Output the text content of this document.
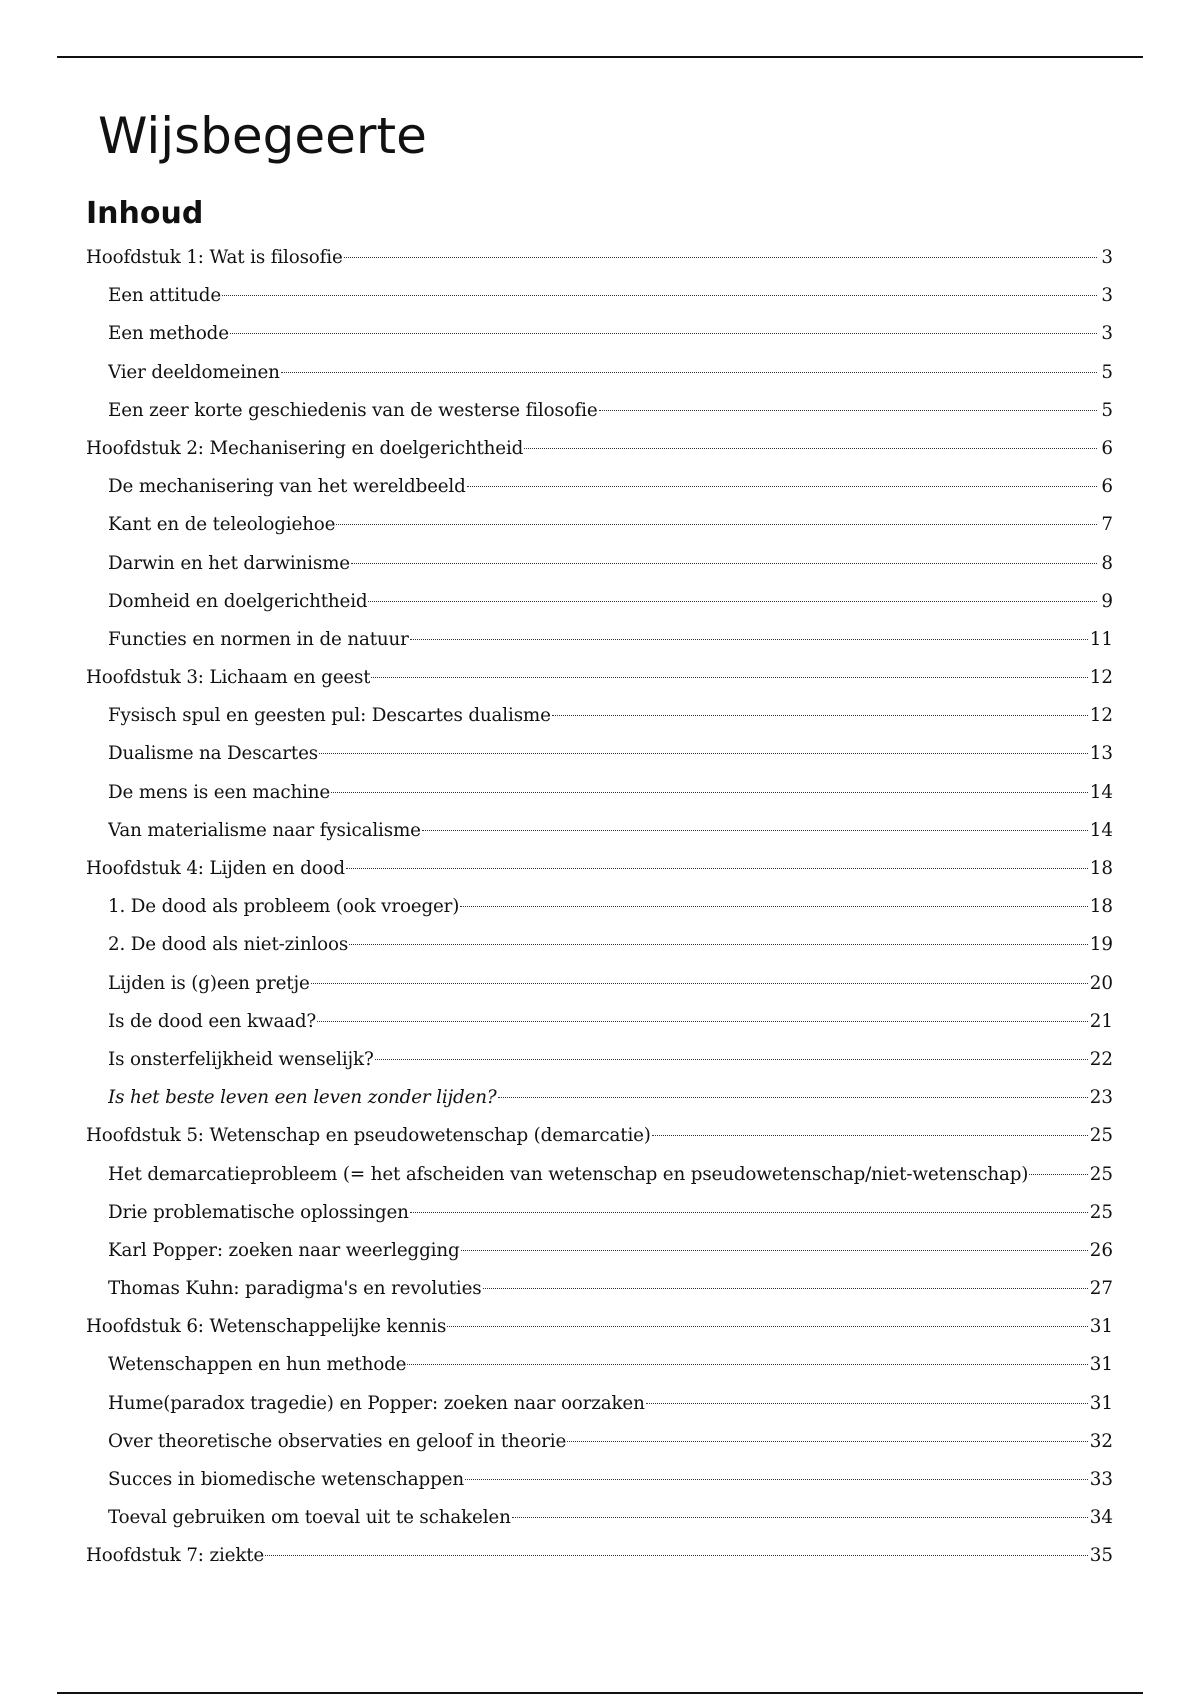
Wijsbegeerte
Inhoud
Hoofdstuk 1: Wat is filosofie	3
Een attitude	3
Een methode	3
Vier deeldomeinen	5
Een zeer korte geschiedenis van de westerse filosofie	5
Hoofdstuk 2: Mechanisering en doelgerichtheid	6
De mechanisering van het wereldbeeld	6
Kant en de teleologiehoe	7
Darwin en het darwinisme	8
Domheid en doelgerichtheid	9
Functies en normen in de natuur	11
Hoofdstuk 3: Lichaam en geest	12
Fysisch spul en geesten pul: Descartes dualisme	12
Dualisme na Descartes	13
De mens is een machine	14
Van materialisme naar fysicalisme	14
Hoofdstuk 4: Lijden en dood	18
1. De dood als probleem (ook vroeger)	18
2. De dood als niet-zinloos	19
Lijden is (g)een pretje	20
Is de dood een kwaad?	21
Is onsterfelijkheid wenselijk?	22
Is het beste leven een leven zonder lijden?	23
Hoofdstuk 5: Wetenschap en pseudowetenschap (demarcatie)	25
Het demarcatieprobleem (= het afscheiden van wetenschap en pseudowetenschap/niet-wetenschap)	25
Drie problematische oplossingen	25
Karl Popper: zoeken naar weerlegging	26
Thomas Kuhn: paradigma's en revoluties	27
Hoofdstuk 6: Wetenschappelijke kennis	31
Wetenschappen en hun methode	31
Hume(paradox tragedie) en Popper: zoeken naar oorzaken	31
Over theoretische observaties en geloof in theorie	32
Succes in biomedische wetenschappen	33
Toeval gebruiken om toeval uit te schakelen	34
Hoofdstuk 7: ziekte	35
